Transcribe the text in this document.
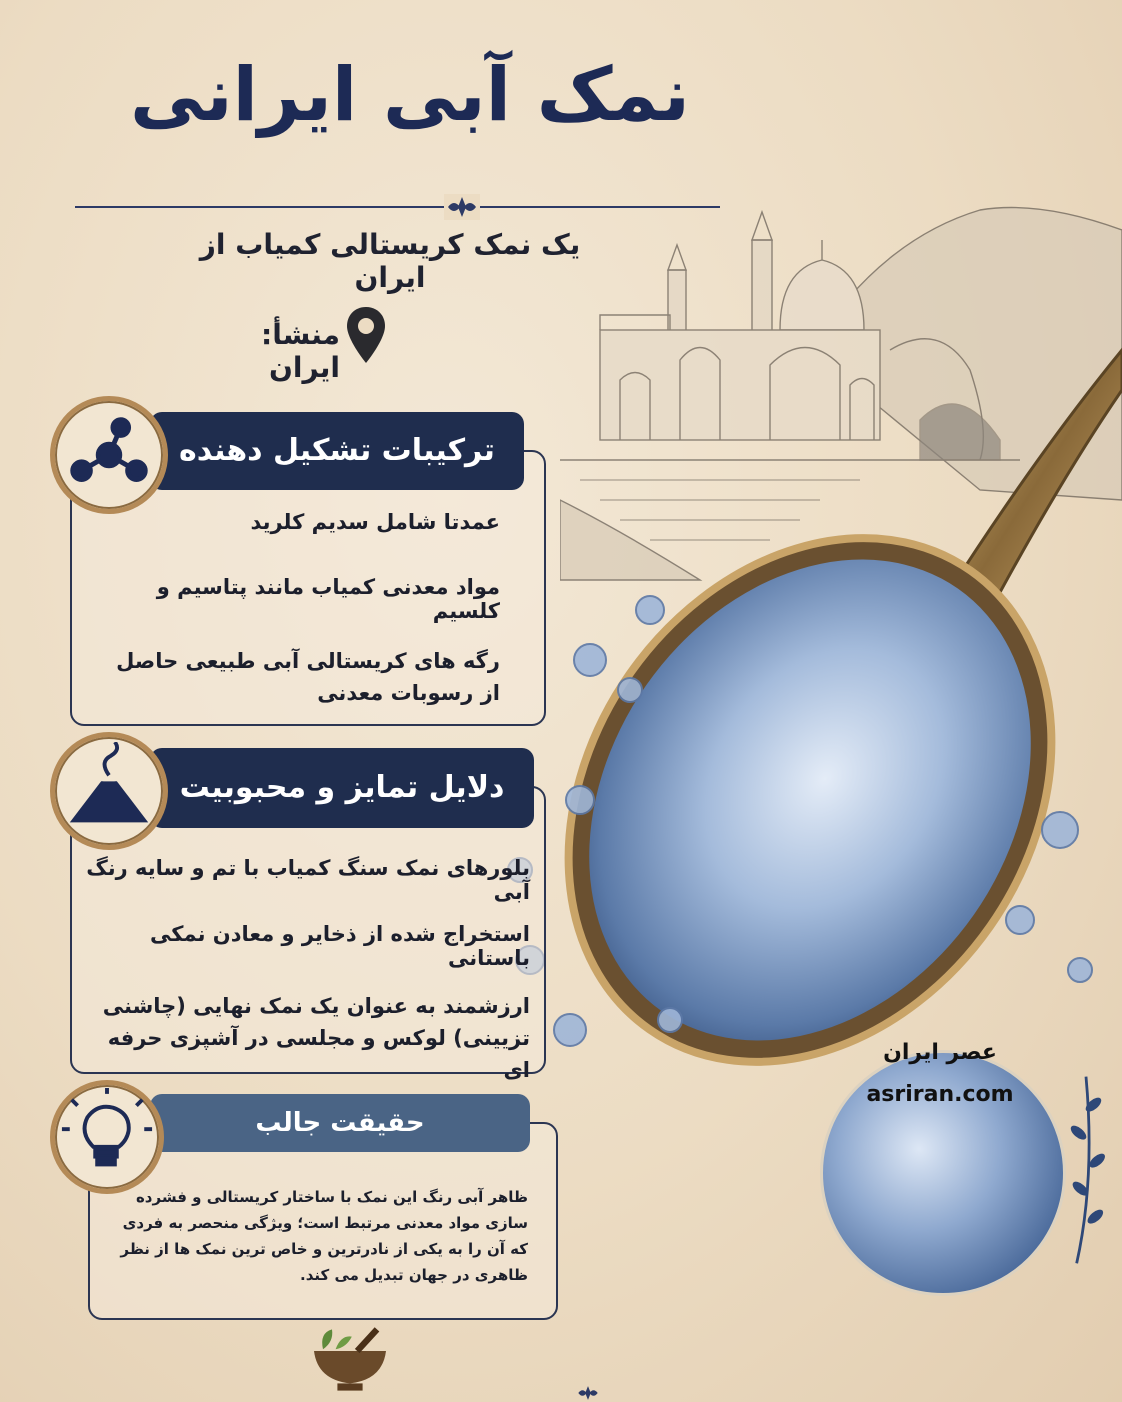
نمک آبی ایرانی
یک نمک کریستالی کمیاب از ایران
منشأ: ایران
ترکیبات تشکیل دهنده
عمدتا شامل سدیم کلرید
مواد معدنی کمیاب مانند پتاسیم و کلسیم
رگه های کریستالی آبی طبیعی حاصل از رسوبات معدنی
دلایل تمایز و محبوبیت
بلورهای نمک سنگ کمیاب با تم و سایه رنگ آبی
استخراج شده از ذخایر و معادن نمکی باستانی
ارزشمند به عنوان یک نمک نهایی (چاشنی تزیینی) لوکس و مجلسی در آشپزی حرفه ای
حقیقت جالب
ظاهر آبی رنگ این نمک با ساختار کریستالی و فشرده سازی مواد معدنی مرتبط است؛ ویژگی منحصر به فردی که آن را به یکی از نادرترین و خاص ترین نمک ها از نظر ظاهری در جهان تبدیل می کند.
عصر ایران
asriran.com
